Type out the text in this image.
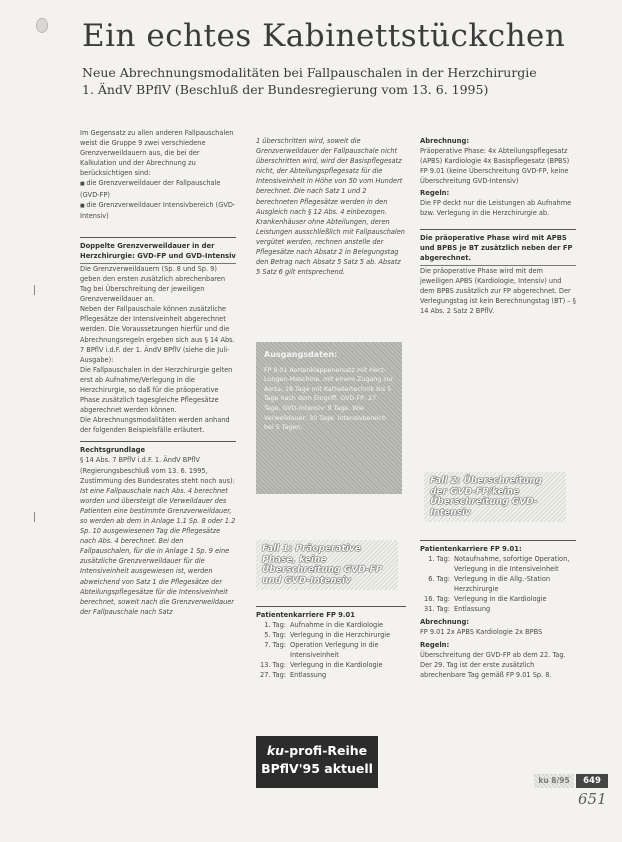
Ein echtes Kabinettstückchen
Neue Abrechnungsmodalitäten bei Fallpauschalen in der Herzchirurgie
1. ÄndV BPflV (Beschluß der Bundesregierung vom 13. 6. 1995)

Im Gegensatz zu allen anderen Fallpauschalen weist die Gruppe 9 zwei verschiedene Grenzverweildauern aus, die bei der Kalkulation und der Abrechnung zu berücksichtigen sind:

■ die Grenzverweildauer der Fallpauschale (GVD-FP)

■ die Grenzverweildauer Intensivbereich (GVD-Intensiv)

Doppelte Grenzverweildauer in der Herzchirurgie: GVD-FP und GVD-Intensiv

Die Grenzverweildauern (Sp. 8 und Sp. 9) geben den ersten zusätzlich abrechenbaren Tag bei Überschreitung der jeweiligen Grenzverweildauer an.

Neben der Fallpauschale können zusätzliche Pflegesätze der Intensiveinheit abgerechnet werden. Die Voraussetzungen hierfür und die Abrechnungsregeln ergeben sich aus § 14 Abs. 7 BPflV i.d.F. der 1. ÄndV BPflV (siehe die Juli-Ausgabe):

Die Fallpauschalen in der Herzchirurgie gelten erst ab Aufnahme/Verlegung in die Herzchirurgie, so daß für die präoperative Phase zusätzlich tagesgleiche Pflegesätze abgerechnet werden können.

Die Abrechnungsmodalitäten werden anhand der folgenden Beispielsfälle erläutert.

Rechtsgrundlage

§ 14 Abs. 7 BPflV i.d.F. 1. ÄndV BPflV (Regierungsbeschluß vom 13. 6. 1995, Zustimmung des Bundesrates steht noch aus):

Ist eine Fallpauschale nach Abs. 4 berechnet worden und übersteigt die Verweildauer des Patienten eine bestimmte Grenzverweildauer, so werden ab dem in Anlage 1.1 Sp. 8 oder 1.2 Sp. 10 ausgewiesenen Tag die Pflegesätze nach Abs. 4 berechnet. Bei den Fallpauschalen, für die in Anlage 1 Sp. 9 eine zusätzliche Grenzverweildauer für die Intensiveinheit ausgewiesen ist, werden abweichend von Satz 1 die Pflegesätze der Abteilungspflegesätze für die Intensiveinheit berechnet, soweit nach die Grenzverweildauer der Fallpauschale nach Satz

1 überschritten wird, soweit die Grenzverweildauer der Fallpauschale nicht überschritten wird, wird der Basispflegesatz nicht, der Abteilungspflegesatz für die Intensiveinheit in Höhe von 50 vom Hundert berechnet. Die nach Satz 1 und 2 berechneten Pflegesätze werden in den Ausgleich nach § 12 Abs. 4 einbezogen. Krankenhäuser ohne Abteilungen, deren Leistungen ausschließlich mit Fallpauschalen vergütet werden, rechnen anstelle der Pflegesätze nach Absatz 2 in Belegungstag den Betrag nach Absatz 5 Satz 5 ab. Absatz 5 Satz 6 gilt entsprechend.

Ausgangsdaten:
FP 9.01 Aortenklappenersatz mit Herz-Lungen-Maschine, mit einem Zugang zur Aorta, 18 Tage mit Kathetertechnik bis 5 Tage nach dem Eingriff, GVD-FP: 27 Tage, GVD-Intensiv: 9 Tage. Wie Verweildauer: 30 Tage. Intensivbereich bei 5 Tagen.
Fall 1: Präoperative Phase, keine Überschreitung GVD-FP und GVD-Intensiv

Patientenkarriere FP 9.01

1. Tag:	Aufnahme in die Kardiologie
5. Tag:	Verlegung in die Herzchirurgie
7. Tag:	Operation Verlegung in die Intensiveinheit
13. Tag:	Verlegung in die Kardiologie
27. Tag:	Entlassung
ku-profi-Reihe
BPflV'95 aktuell

Abrechnung:

Präoperative Phase: 4x Abteilungspflegesatz (APBS) Kardiologie 4x Basispflegesatz (BPBS) FP 9.01 (keine Überschreitung GVD-FP, keine Überschreitung GVD-Intensiv)

Regeln:

Die FP deckt nur die Leistungen ab Aufnahme bzw. Verlegung in die Herzchirurgie ab.

Die präoperative Phase wird mit APBS und BPBS je BT zusätzlich neben der FP abgerechnet.

Die präoperative Phase wird mit dem jeweiligen APBS (Kardiologie, Intensiv) und dem BPBS zusätzlich zur FP abgerechnet. Der Verlegungstag ist kein Berechnungstag (BT) – § 14 Abs. 2 Satz 2 BPflV.

Fall 2: Überschreitung der GVD-FP/keine Überschreitung GVD-Intensiv

Patientenkarriere FP 9.01:

1. Tag:	Notaufnahme, sofortige Operation, Verlegung in die Intensiveinheit
6. Tag:	Verlegung in die Allg.-Station Herzchirurgie
16. Tag:	Verlegung in die Kardiologie
31. Tag:	Entlassung

Abrechnung:

FP 9.01 2x APBS Kardiologie 2x BPBS

Regeln:

Überschreitung der GVD-FP ab dem 22. Tag. Der 29. Tag ist der erste zusätzlich abrechenbare Tag gemäß FP 9.01 Sp. 8.

ku 8/95	649
651
